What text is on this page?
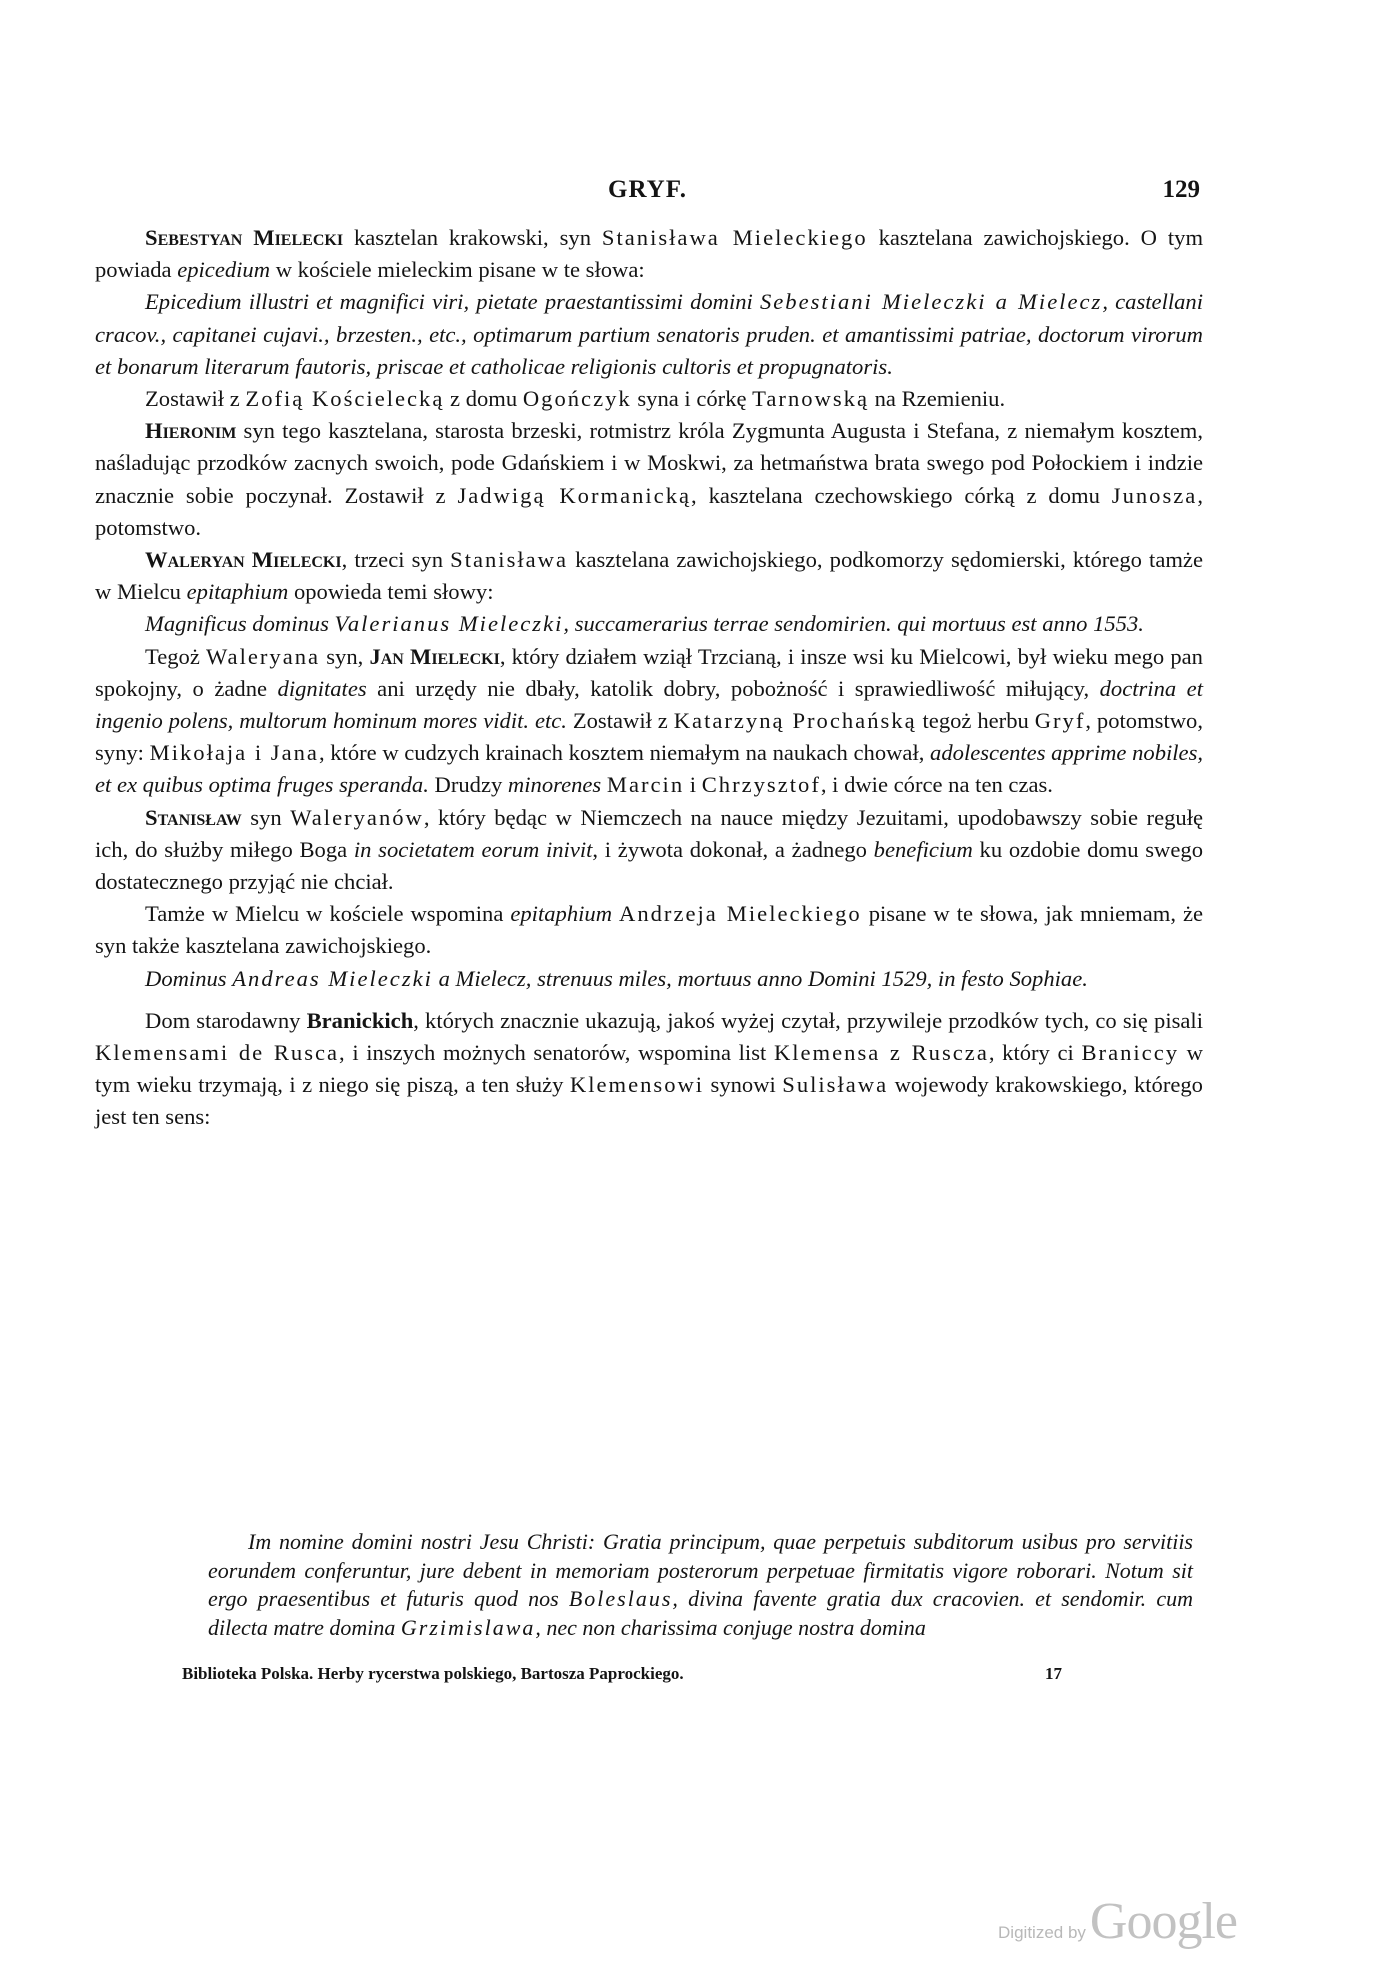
GRYF.	129

Sebestyan Mielecki kasztelan krakowski, syn Stanisława Mieleckiego kasztelana zawichojskiego. O tym powiada epicedium w kościele mieleckim pisane w te słowa:

Epicedium illustri et magnifici viri, pietate praestantissimi domini Sebestiani Mieleczki a Mielecz, castellani cracov., capitanei cujavi., brzesten., etc., optimarum partium senatoris pruden. et amantissimi patriae, doctorum virorum et bonarum literarum fautoris, priscae et catholicae religionis cultoris et propugnatoris.

Zostawił z Zofią Kościelecką z domu Ogończyk syna i córkę Tarnowską na Rzemieniu.

Hieronim syn tego kasztelana, starosta brzeski, rotmistrz króla Zygmunta Augusta i Stefana, z niemałym kosztem, naśladując przodków zacnych swoich, pode Gdańskiem i w Moskwi, za hetmaństwa brata swego pod Połockiem i indzie znacznie sobie poczynał. Zostawił z Jadwigą Kormanicką, kasztelana czechowskiego córką z domu Junosza, potomstwo.

Waleryan Mielecki, trzeci syn Stanisława kasztelana zawichojskiego, podkomorzy sędomierski, którego tamże w Mielcu epitaphium opowieda temi słowy:

Magnificus dominus Valerianus Mieleczki, succamerarius terrae sendomirien. qui mortuus est anno 1553.

Tegoż Waleryana syn, Jan Mielecki, który działem wziął Trzcianą, i insze wsi ku Mielcowi, był wieku mego pan spokojny, o żadne dignitates ani urzędy nie dbały, katolik dobry, pobożność i sprawiedliwość miłujący, doctrina et ingenio polens, multorum hominum mores vidit. etc. Zostawił z Katarzyną Prochańską tegoż herbu Gryf, potomstwo, syny: Mikołaja i Jana, które w cudzych krainach kosztem niemałym na naukach chował, adolescentes apprime nobiles, et ex quibus optima fruges speranda. Drudzy minorenes Marcin i Chrzysztof, i dwie córce na ten czas.

Stanisław syn Waleryanów, który będąc w Niemczech na nauce między Jezuitami, upodobawszy sobie regułę ich, do służby miłego Boga in societatem eorum inivit, i żywota dokonał, a żadnego beneficium ku ozdobie domu swego dostatecznego przyjąć nie chciał.

Tamże w Mielcu w kościele wspomina epitaphium Andrzeja Mieleckiego pisane w te słowa, jak mniemam, że syn także kasztelana zawichojskiego.

Dominus Andreas Mieleczki a Mielecz, strenuus miles, mortuus anno Domini 1529, in festo Sophiae.

Dom starodawny Branickich, których znacznie ukazują, jakoś wyżej czytał, przywileje przodków tych, co się pisali Klemensami de Rusca, i inszych możnych senatorów, wspomina list Klemensa z Ruscza, który ci Braniccy w tym wieku trzymają, i z niego się piszą, a ten służy Klemensowi synowi Sulisława wojewody krakowskiego, którego jest ten sens:

Im nomine domini nostri Jesu Christi: Gratia principum, quae perpetuis subditorum usibus pro servitiis eorundem conferuntur, jure debent in memoriam posterorum perpetuae firmitatis vigore roborari. Notum sit ergo praesentibus et futuris quod nos Boleslaus, divina favente gratia dux cracovien. et sendomir. cum dilecta matre domina Grzimislawa, nec non charissima conjuge nostra domina

Biblioteka Polska. Herby rycerstwa polskiego, Bartosza Paprockiego.	17
Digitized by Google
